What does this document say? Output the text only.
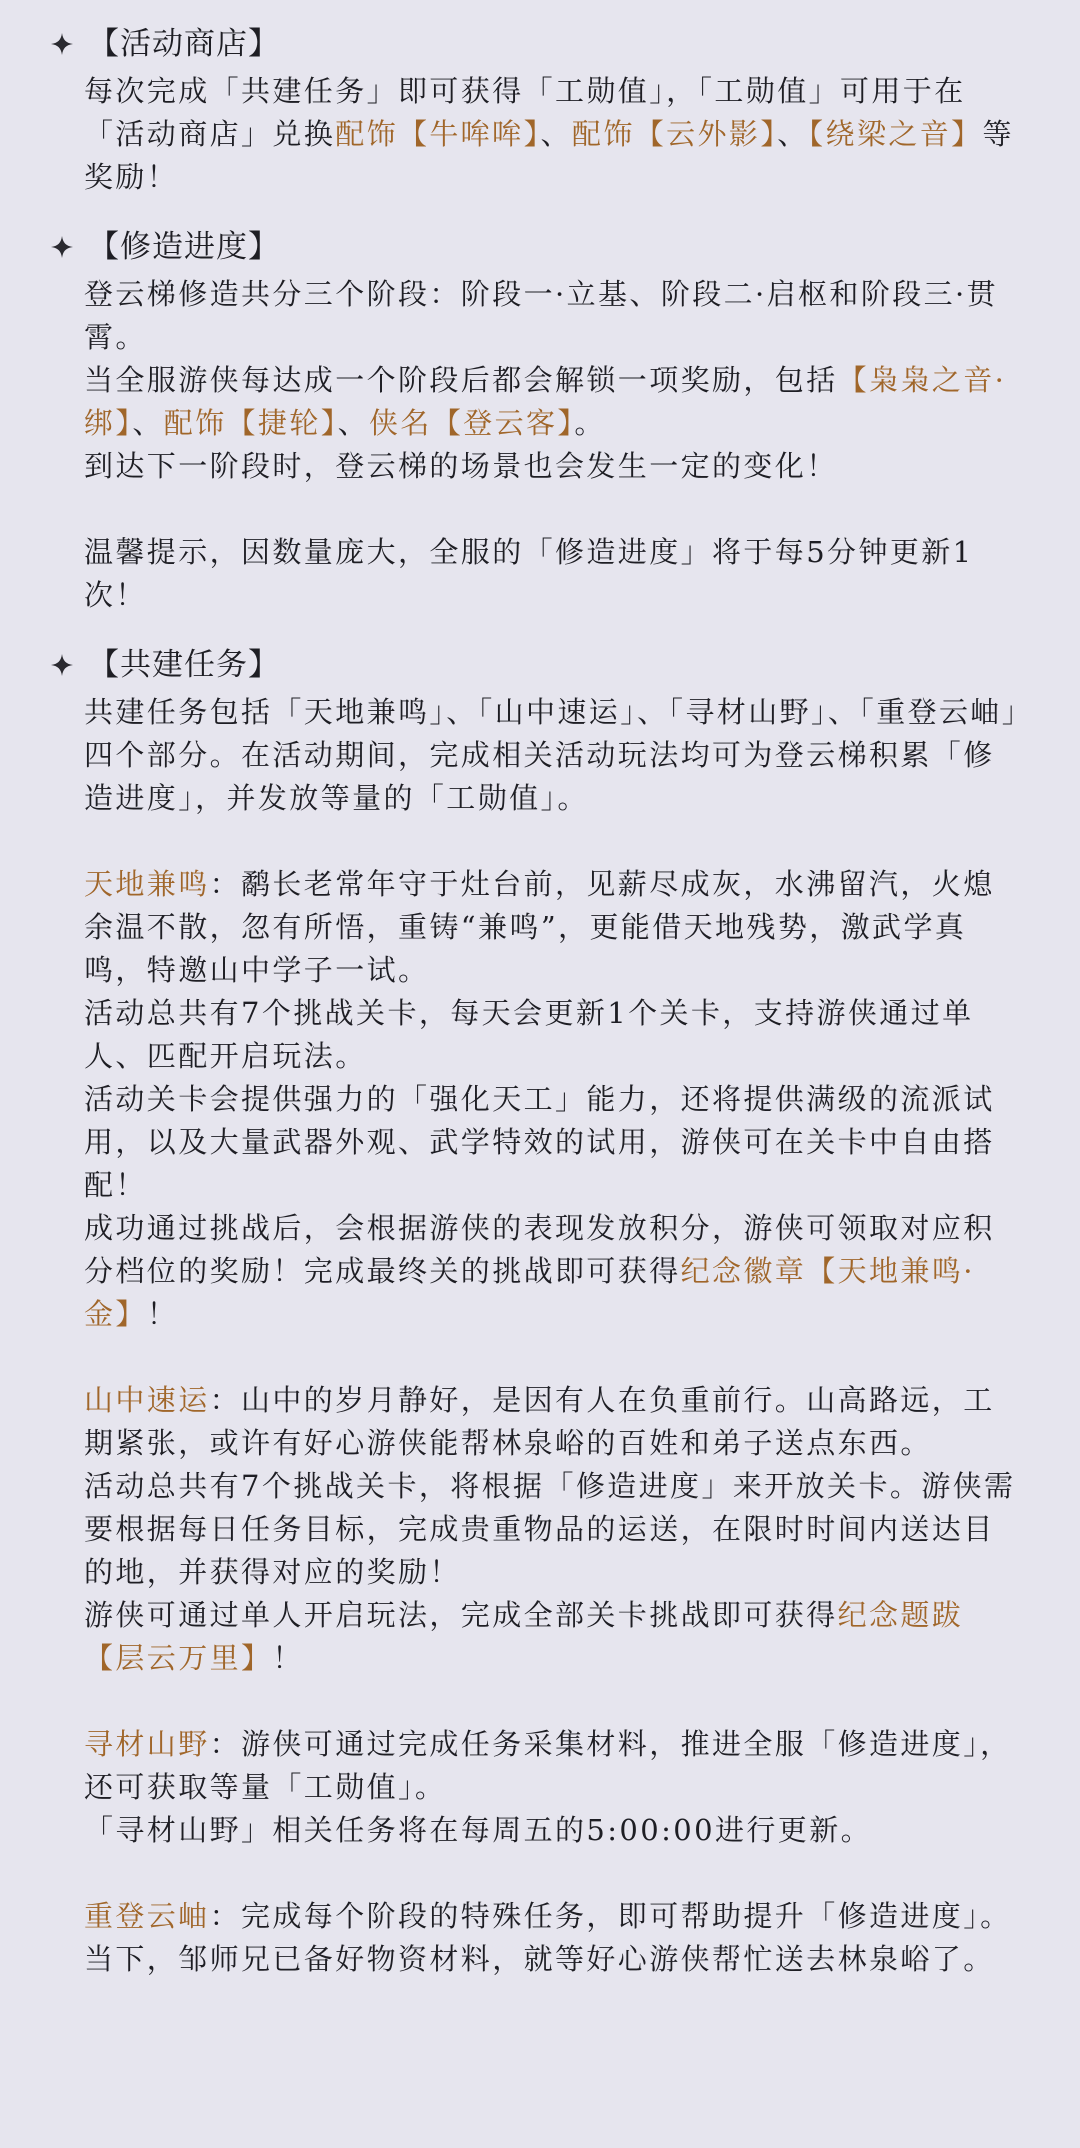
【活动商店】

每次完成「共建任务」即可获得「工勋值」，「工勋值」可用于在「活动商店」兑换配饰【牛哞哞】、配饰【云外影】、【绕梁之音】等奖励！

【修造进度】

登云梯修造共分三个阶段：阶段一·立基、阶段二·启枢和阶段三·贯霄。

当全服游侠每达成一个阶段后都会解锁一项奖励，包括【枭枭之音·绑】、配饰【捷轮】、侠名【登云客】。

到达下一阶段时，登云梯的场景也会发生一定的变化！

温馨提示，因数量庞大，全服的「修造进度」将于每5分钟更新1次！

【共建任务】

共建任务包括「天地兼鸣」、「山中速运」、「寻材山野」、「重登云岫」四个部分。在活动期间，完成相关活动玩法均可为登云梯积累「修造进度」，并发放等量的「工勋值」。

天地兼鸣：鹬长老常年守于灶台前，见薪尽成灰，水沸留汽，火熄余温不散，忽有所悟，重铸“兼鸣”，更能借天地残势，激武学真鸣，特邀山中学子一试。

活动总共有7个挑战关卡，每天会更新1个关卡，支持游侠通过单人、匹配开启玩法。

活动关卡会提供强力的「强化天工」能力，还将提供满级的流派试用，以及大量武器外观、武学特效的试用，游侠可在关卡中自由搭配！

成功通过挑战后，会根据游侠的表现发放积分，游侠可领取对应积分档位的奖励！完成最终关的挑战即可获得纪念徽章【天地兼鸣·金】！

山中速运：山中的岁月静好，是因有人在负重前行。山高路远，工期紧张，或许有好心游侠能帮林泉峪的百姓和弟子送点东西。

活动总共有7个挑战关卡，将根据「修造进度」来开放关卡。游侠需要根据每日任务目标，完成贵重物品的运送，在限时时间内送达目的地，并获得对应的奖励！

游侠可通过单人开启玩法，完成全部关卡挑战即可获得纪念题跋【层云万里】！

寻材山野：游侠可通过完成任务采集材料，推进全服「修造进度」，还可获取等量「工勋值」。

「寻材山野」相关任务将在每周五的5:00:00进行更新。

重登云岫：完成每个阶段的特殊任务，即可帮助提升「修造进度」。当下，邹师兄已备好物资材料，就等好心游侠帮忙送去林泉峪了。
